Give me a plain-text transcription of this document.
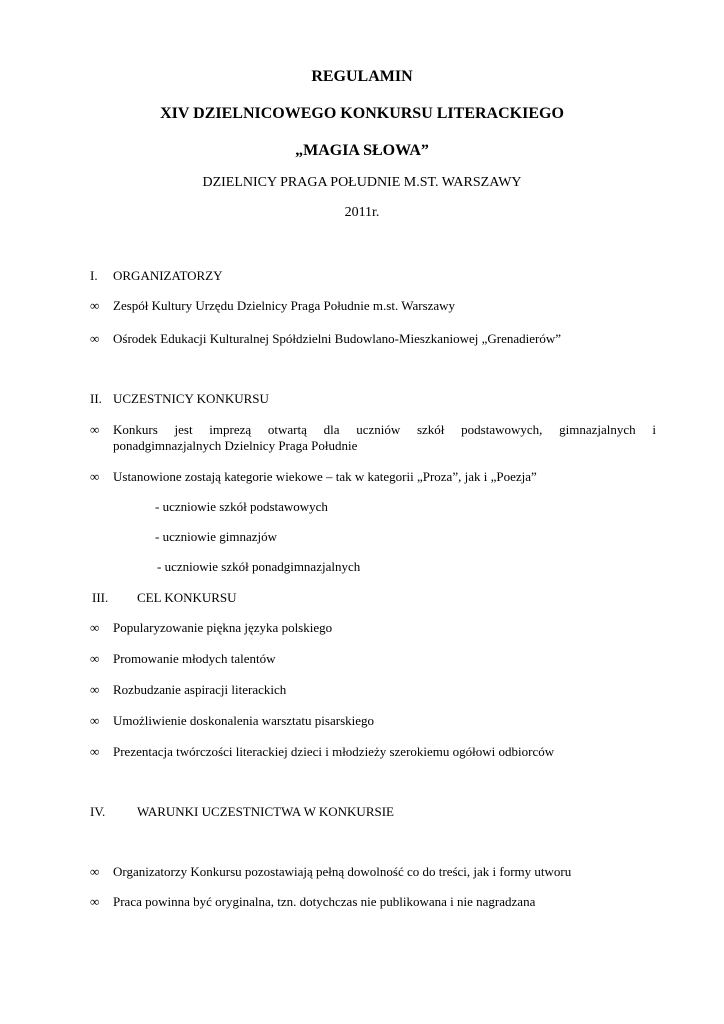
REGULAMIN
XIV DZIELNICOWEGO KONKURSU LITERACKIEGO
„MAGIA SŁOWA”
DZIELNICY PRAGA POŁUDNIE M.ST. WARSZAWY
2011r.
I. ORGANIZATORZY
∞ Zespół Kultury Urzędu Dzielnicy Praga Południe m.st. Warszawy
∞ Ośrodek Edukacji Kulturalnej Spółdzielni Budowlano-Mieszkaniowej „Grenadierów”
II. UCZESTNICY KONKURSU
∞ Konkurs jest imprezą otwartą dla uczniów szkół podstawowych, gimnazjalnych i
ponadgimnazjalnych Dzielnicy Praga Południe
∞ Ustanowione zostają kategorie wiekowe – tak w kategorii „Proza”, jak i „Poezja”
- uczniowie szkół podstawowych
- uczniowie gimnazjów
- uczniowie szkół ponadgimnazjalnych
III. CEL KONKURSU
∞ Popularyzowanie piękna języka polskiego
∞ Promowanie młodych talentów
∞ Rozbudzanie aspiracji literackich
∞ Umożliwienie doskonalenia warsztatu pisarskiego
∞ Prezentacja twórczości literackiej dzieci i młodzieży szerokiemu ogółowi odbiorców
IV. WARUNKI UCZESTNICTWA W KONKURSIE
∞ Organizatorzy Konkursu pozostawiają pełną dowolność co do treści, jak i formy utworu
∞ Praca powinna być oryginalna, tzn. dotychczas nie publikowana i nie nagradzana
